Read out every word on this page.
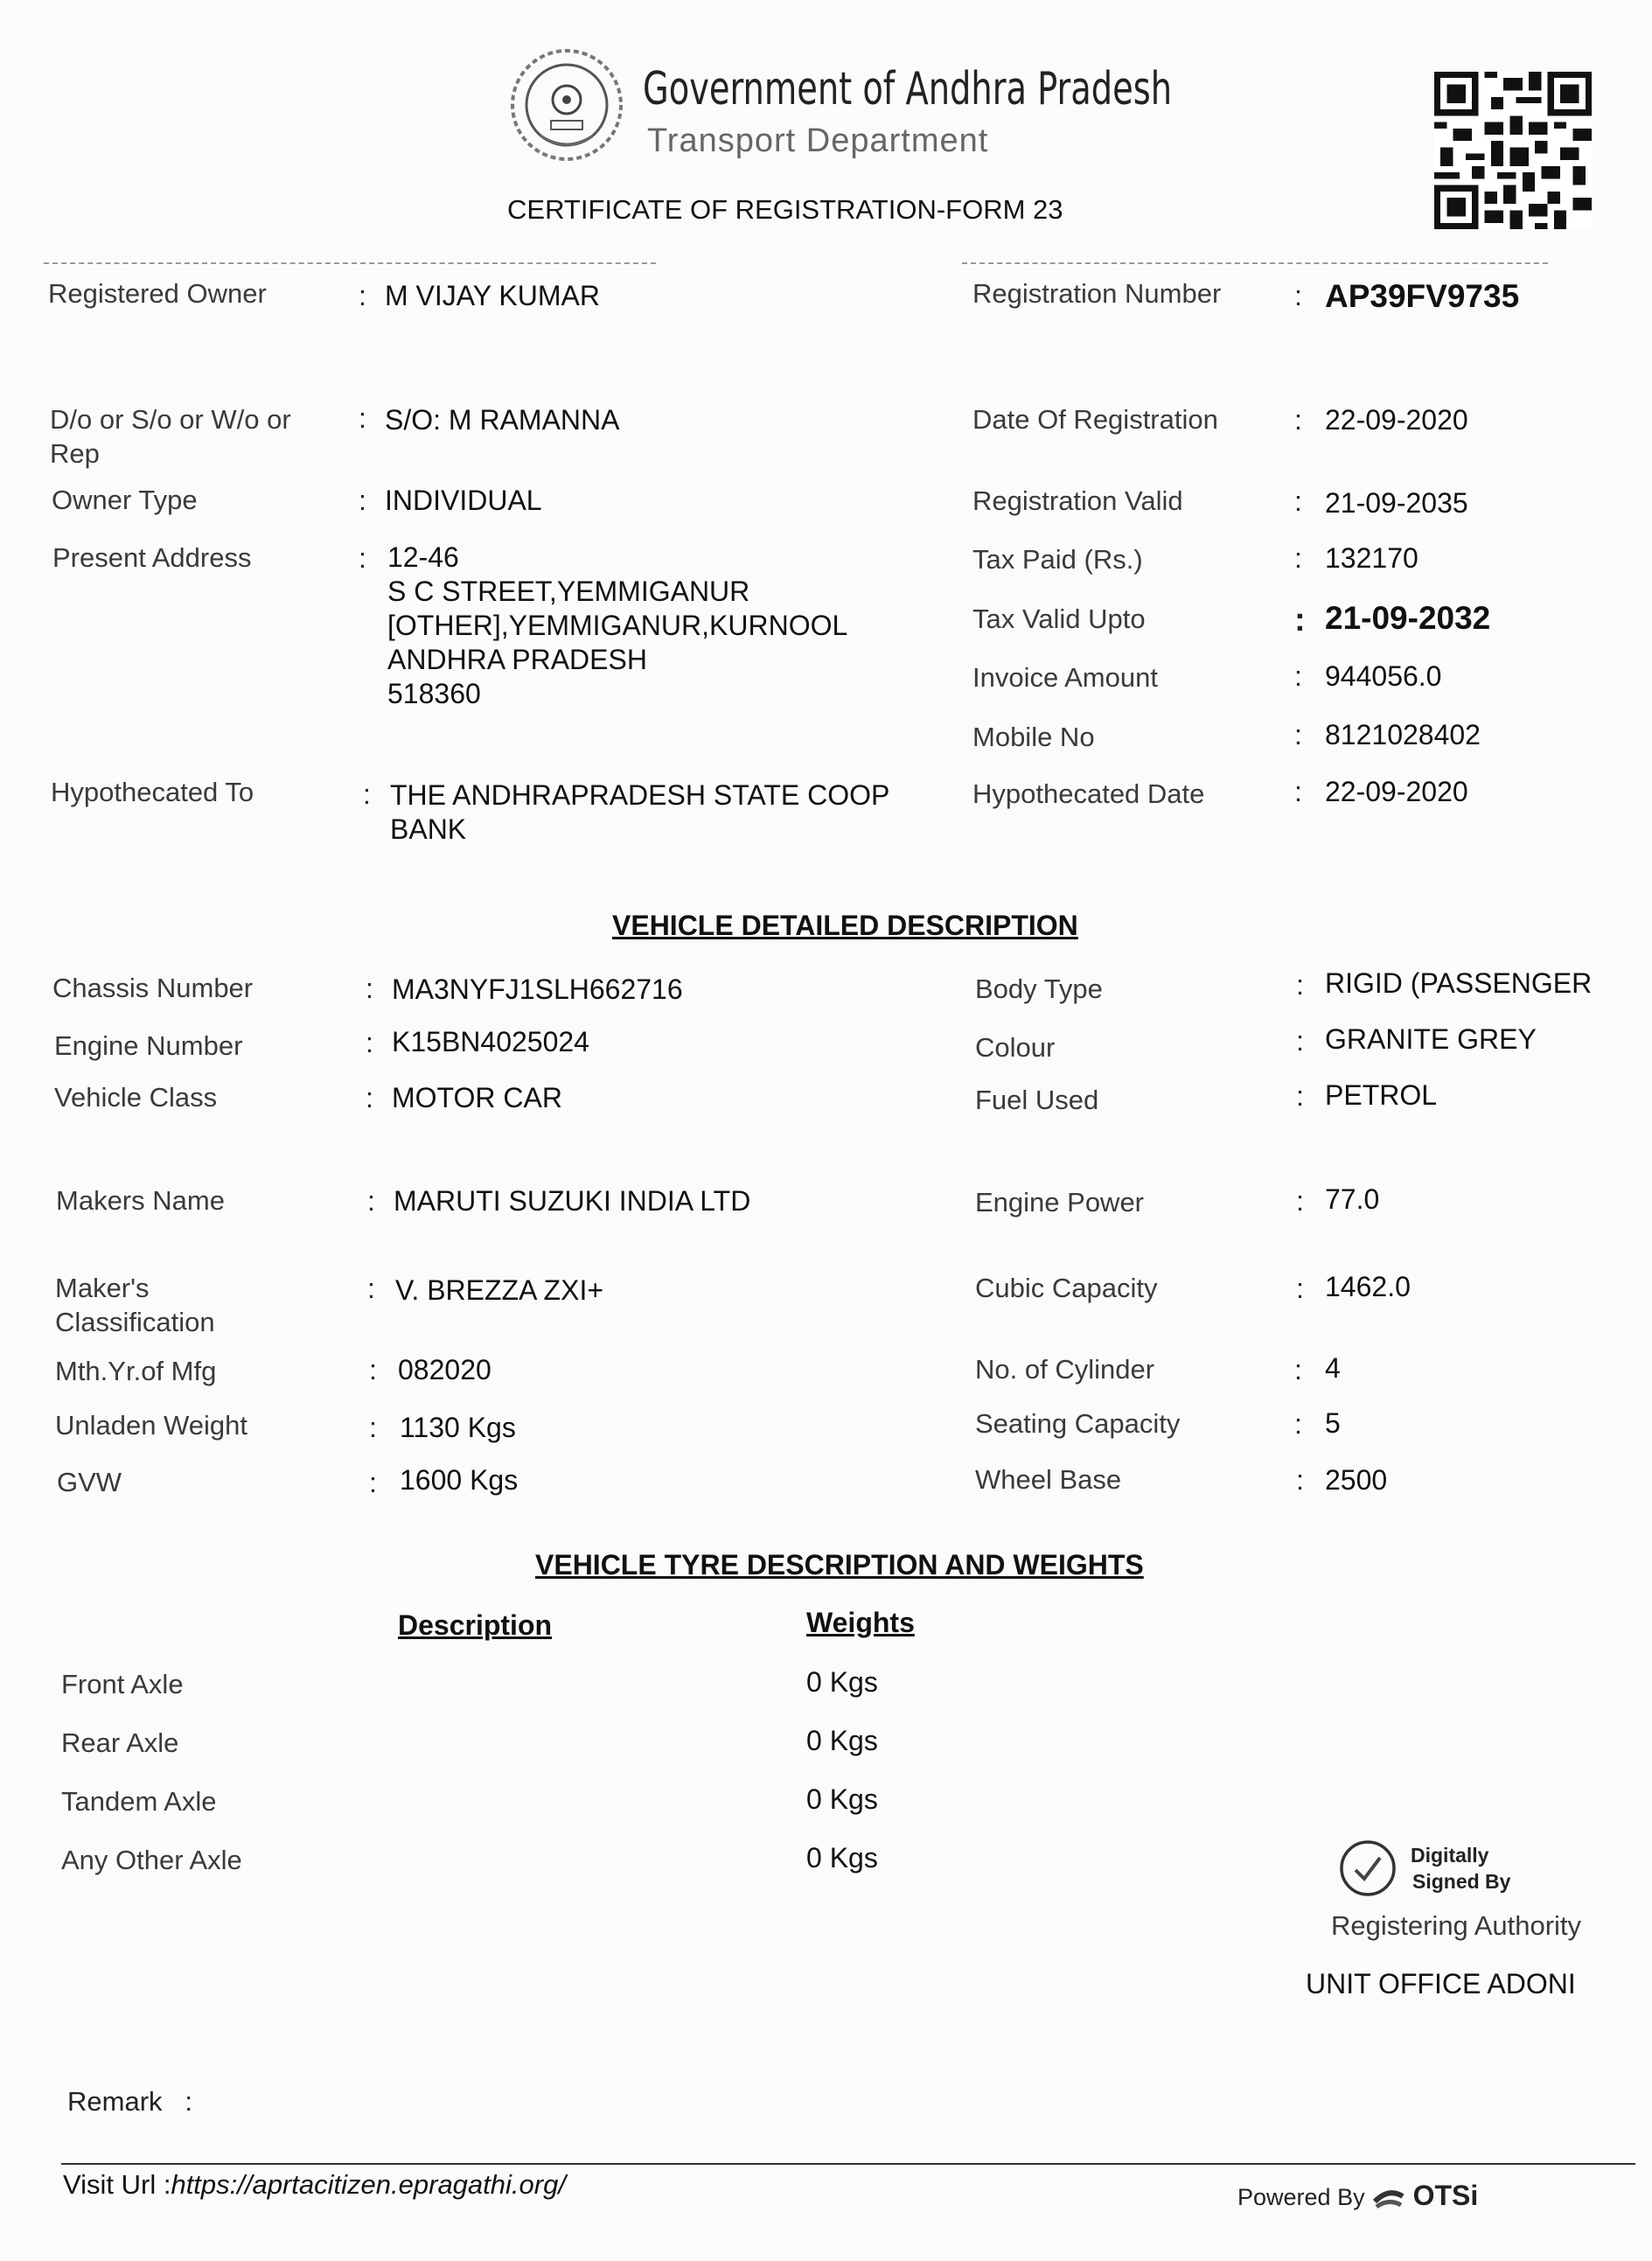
Government of Andhra Pradesh
Transport Department
CERTIFICATE OF REGISTRATION-FORM 23
Registered Owner	: M VIJAY KUMAR
D/o or S/o or W/o or Rep
: S/O: M RAMANNA
Owner Type	: INDIVIDUAL
Present Address	: 12-46
S C STREET,YEMMIGANUR
[OTHER],YEMMIGANUR,KURNOOL
ANDHRA PRADESH
518360
Hypothecated To	: THE ANDHRAPRADESH STATE COOP
BANK
Registration Number	: AP39FV9735
Date Of Registration	: 22-09-2020
Registration Valid	: 21-09-2035
Tax Paid (Rs.)	: 132170
Tax Valid Upto	: 21-09-2032
Invoice Amount	: 944056.0
Mobile No	: 8121028402
Hypothecated Date	: 22-09-2020
VEHICLE DETAILED DESCRIPTION
Chassis Number	: MA3NYFJ1SLH662716
Engine Number	: K15BN4025024
Vehicle Class	: MOTOR CAR
Makers Name	: MARUTI SUZUKI INDIA LTD
Maker's Classification
: V. BREZZA ZXI+
Mth.Yr.of Mfg	: 082020
Unladen Weight	: 1130 Kgs
GVW	: 1600 Kgs
Body Type	: RIGID (PASSENGER
Colour	: GRANITE GREY
Fuel Used	: PETROL
Engine Power	: 77.0
Cubic Capacity	: 1462.0
No. of Cylinder	: 4
Seating Capacity	: 5
Wheel Base	: 2500
VEHICLE TYRE DESCRIPTION AND WEIGHTS
Description	Weights
Front Axle	0 Kgs
Rear Axle	0 Kgs
Tandem Axle	0 Kgs
Any Other Axle	0 Kgs	Digitally
Signed By
Registering Authority
UNIT OFFICE ADONI
Remark   :
Visit Url :https://aprtacitizen.epragathi.org/	Powered By OTSi
